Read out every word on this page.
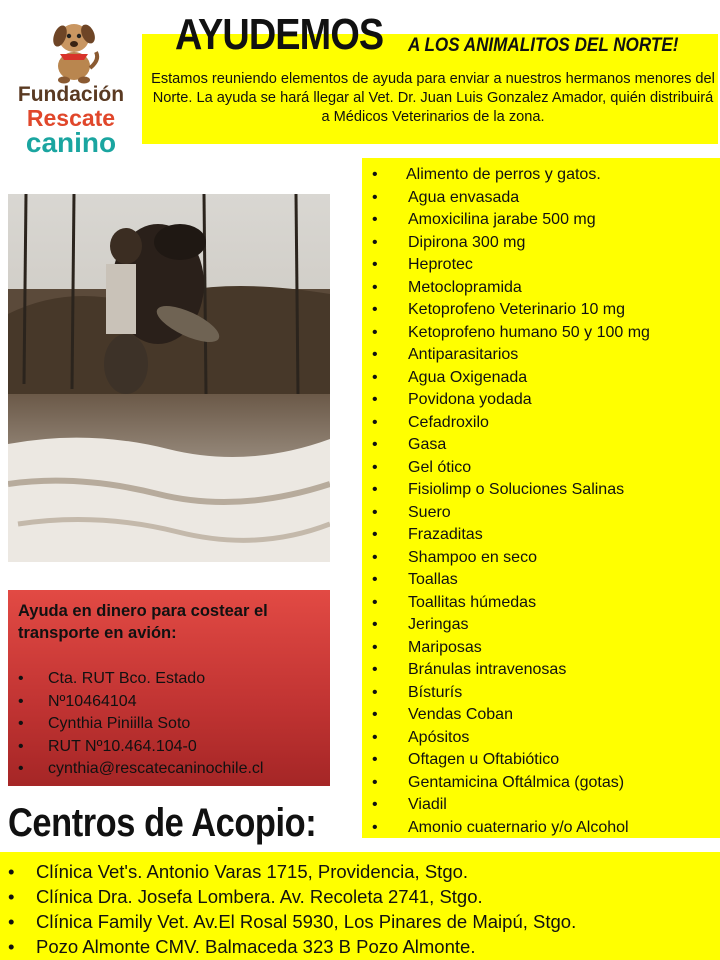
Fundación
Rescate
canino
AYUDEMOS A LOS ANIMALITOS DEL NORTE!
Estamos reuniendo elementos de ayuda para enviar a nuestros hermanos menores del Norte. La ayuda se hará llegar al Vet. Dr. Juan Luis Gonzalez Amador, quién distribuirá a Médicos Veterinarios de la zona.
Ayuda en dinero para costear el transporte en avión:
• Cta. RUT Bco. Estado
• Nº10464104
• Cynthia Piniilla Soto
• RUT Nº10.464.104-0
• cynthia@rescatecaninochile.cl
• Alimento de perros y gatos.
• Agua envasada
• Amoxicilina jarabe 500 mg
• Dipirona 300 mg
• Heprotec
• Metoclopramida
• Ketoprofeno Veterinario 10 mg
• Ketoprofeno humano 50 y 100 mg
• Antiparasitarios
• Agua Oxigenada
• Povidona yodada
• Cefadroxilo
• Gasa
• Gel ótico
• Fisiolimp o Soluciones Salinas
• Suero
• Frazaditas
• Shampoo en seco
• Toallas
• Toallitas húmedas
• Jeringas
• Mariposas
• Bránulas intravenosas
• Bísturís
• Vendas Coban
• Apósitos
• Oftagen u Oftabiótico
• Gentamicina Oftálmica (gotas)
• Viadil
• Amonio cuaternario y/o Alcohol
Centros de Acopio:
• Clínica Vet's. Antonio Varas 1715, Providencia, Stgo.
• Clínica Dra. Josefa Lombera. Av. Recoleta 2741, Stgo.
• Clínica Family Vet. Av.El Rosal 5930, Los Pinares de Maipú, Stgo.
• Pozo Almonte CMV. Balmaceda 323 B Pozo Almonte.
